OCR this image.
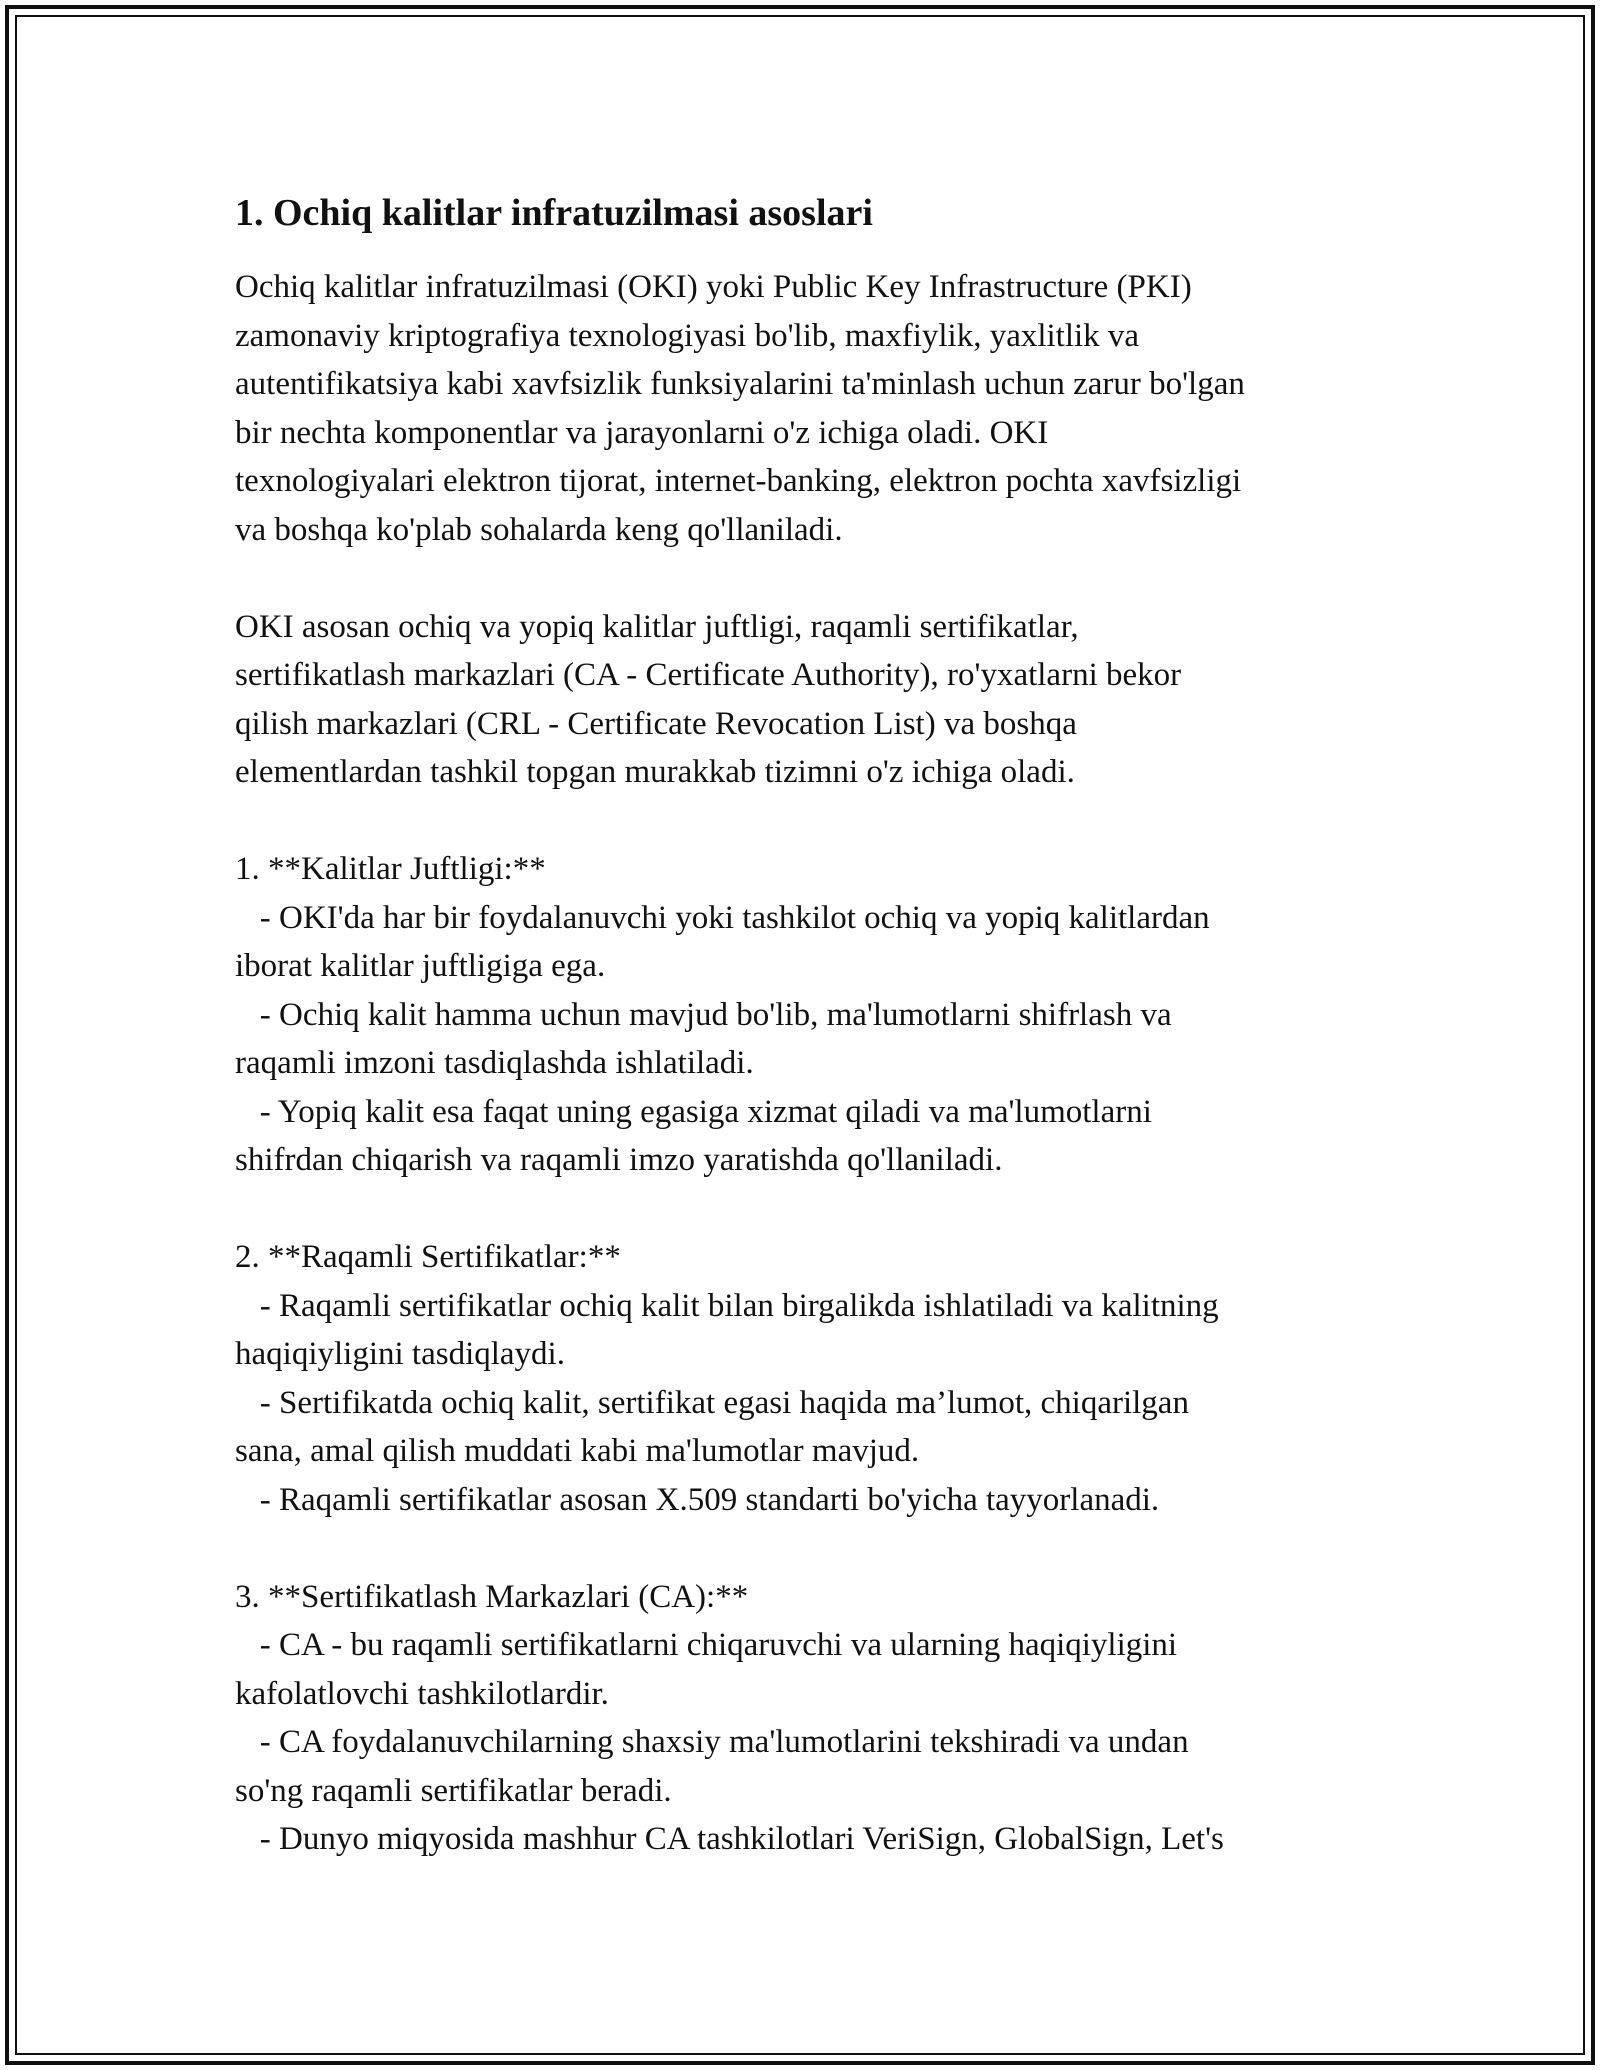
1. Ochiq kalitlar infratuzilmasi asoslari

Ochiq kalitlar infratuzilmasi (OKI) yoki Public Key Infrastructure (PKI)

zamonaviy kriptografiya texnologiyasi bo'lib, maxfiylik, yaxlitlik va

autentifikatsiya kabi xavfsizlik funksiyalarini ta'minlash uchun zarur bo'lgan

bir nechta komponentlar va jarayonlarni o'z ichiga oladi. OKI

texnologiyalari elektron tijorat, internet-banking, elektron pochta xavfsizligi

va boshqa ko'plab sohalarda keng qo'llaniladi.

OKI asosan ochiq va yopiq kalitlar juftligi, raqamli sertifikatlar,

sertifikatlash markazlari (CA - Certificate Authority), ro'yxatlarni bekor

qilish markazlari (CRL - Certificate Revocation List) va boshqa

elementlardan tashkil topgan murakkab tizimni o'z ichiga oladi.

1. **Kalitlar Juftligi:**

- OKI'da har bir foydalanuvchi yoki tashkilot ochiq va yopiq kalitlardan

iborat kalitlar juftligiga ega.

- Ochiq kalit hamma uchun mavjud bo'lib, ma'lumotlarni shifrlash va

raqamli imzoni tasdiqlashda ishlatiladi.

- Yopiq kalit esa faqat uning egasiga xizmat qiladi va ma'lumotlarni

shifrdan chiqarish va raqamli imzo yaratishda qo'llaniladi.

2. **Raqamli Sertifikatlar:**

- Raqamli sertifikatlar ochiq kalit bilan birgalikda ishlatiladi va kalitning

haqiqiyligini tasdiqlaydi.

- Sertifikatda ochiq kalit, sertifikat egasi haqida ma’lumot, chiqarilgan

sana, amal qilish muddati kabi ma'lumotlar mavjud.

- Raqamli sertifikatlar asosan X.509 standarti bo'yicha tayyorlanadi.

3. **Sertifikatlash Markazlari (CA):**

- CA - bu raqamli sertifikatlarni chiqaruvchi va ularning haqiqiyligini

kafolatlovchi tashkilotlardir.

- CA foydalanuvchilarning shaxsiy ma'lumotlarini tekshiradi va undan

so'ng raqamli sertifikatlar beradi.

- Dunyo miqyosida mashhur CA tashkilotlari VeriSign, GlobalSign, Let's
